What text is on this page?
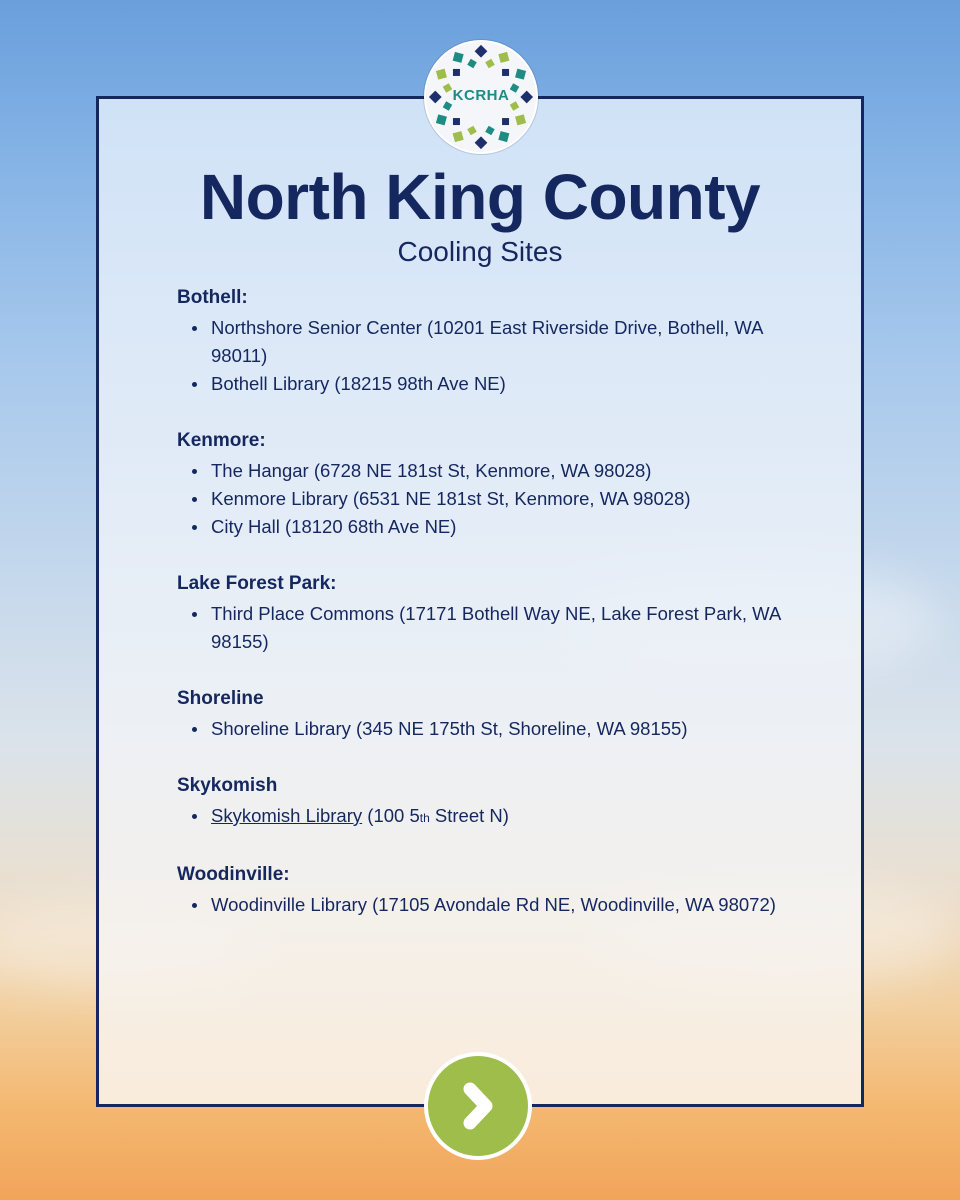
KCRHA
North King County
Cooling Sites

Bothell:

Northshore Senior Center (10201 East Riverside Drive, Bothell, WA 98011)
Bothell Library (18215 98th Ave NE)

Kenmore:

The Hangar (6728 NE 181st St, Kenmore, WA 98028)
Kenmore Library (6531 NE 181st St, Kenmore, WA 98028)
City Hall (18120 68th Ave NE)

Lake Forest Park:

Third Place Commons (17171 Bothell Way NE, Lake Forest Park, WA 98155)

Shoreline

Shoreline Library (345 NE 175th St, Shoreline, WA 98155)

Skykomish

Skykomish Library (100 5th Street N)

Woodinville:

Woodinville Library (17105 Avondale Rd NE, Woodinville, WA 98072)
